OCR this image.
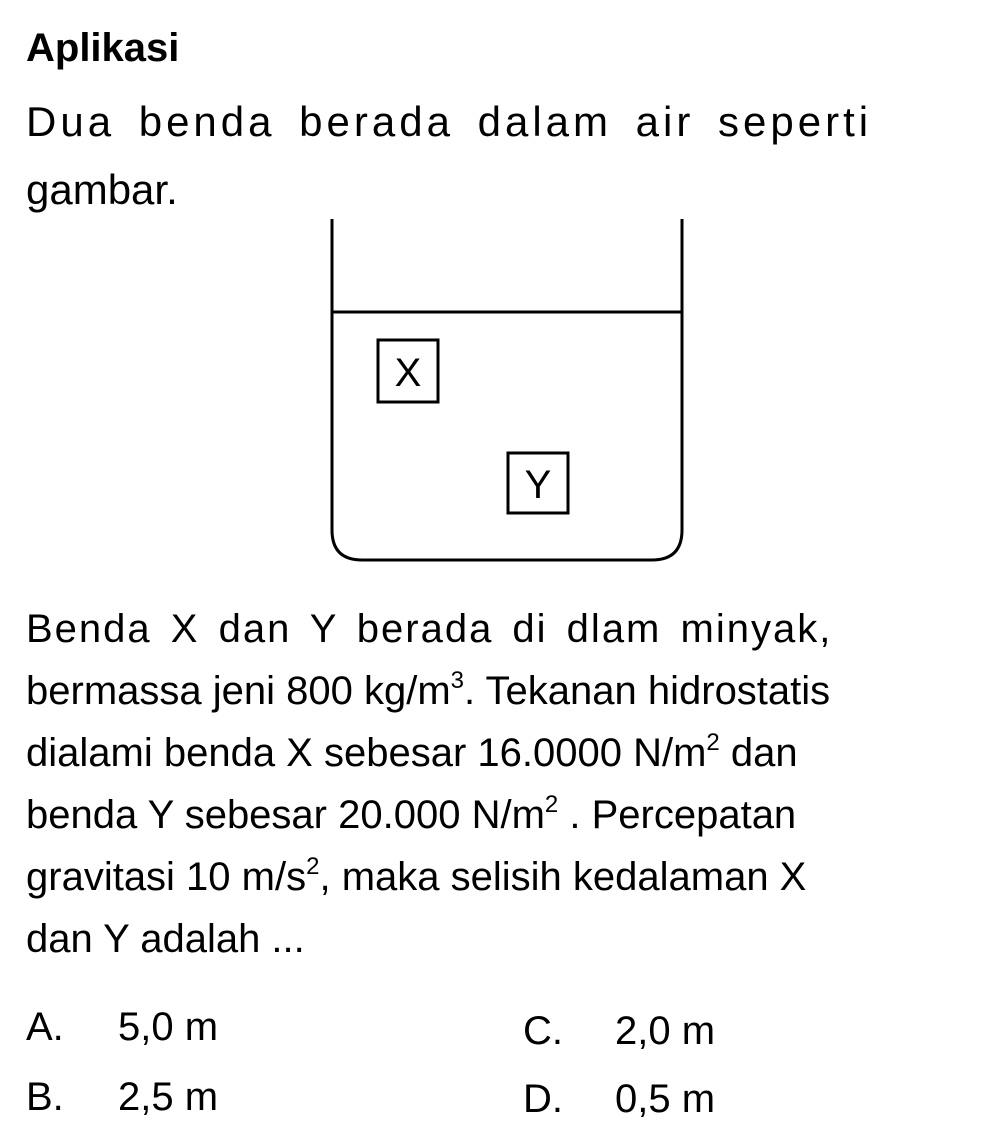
Aplikasi
Dua benda berada dalam air seperti
gambar.
X
Y
Benda X dan Y berada di dlam minyak,
bermassa jeni 800 $kg/m^3$. Tekanan hidrostatis
dialami benda X sebesar 16.0000 $N/m^2$ dan
benda Y sebesar 20.000 $N/m^2$ . Percepatan
gravitasi 10 $m/s^2$, maka selisih kedalaman X
dan Y adalah ...
A. 5,0 m
B. 2,5 m
C. 2,0 m
D. 0,5 m
